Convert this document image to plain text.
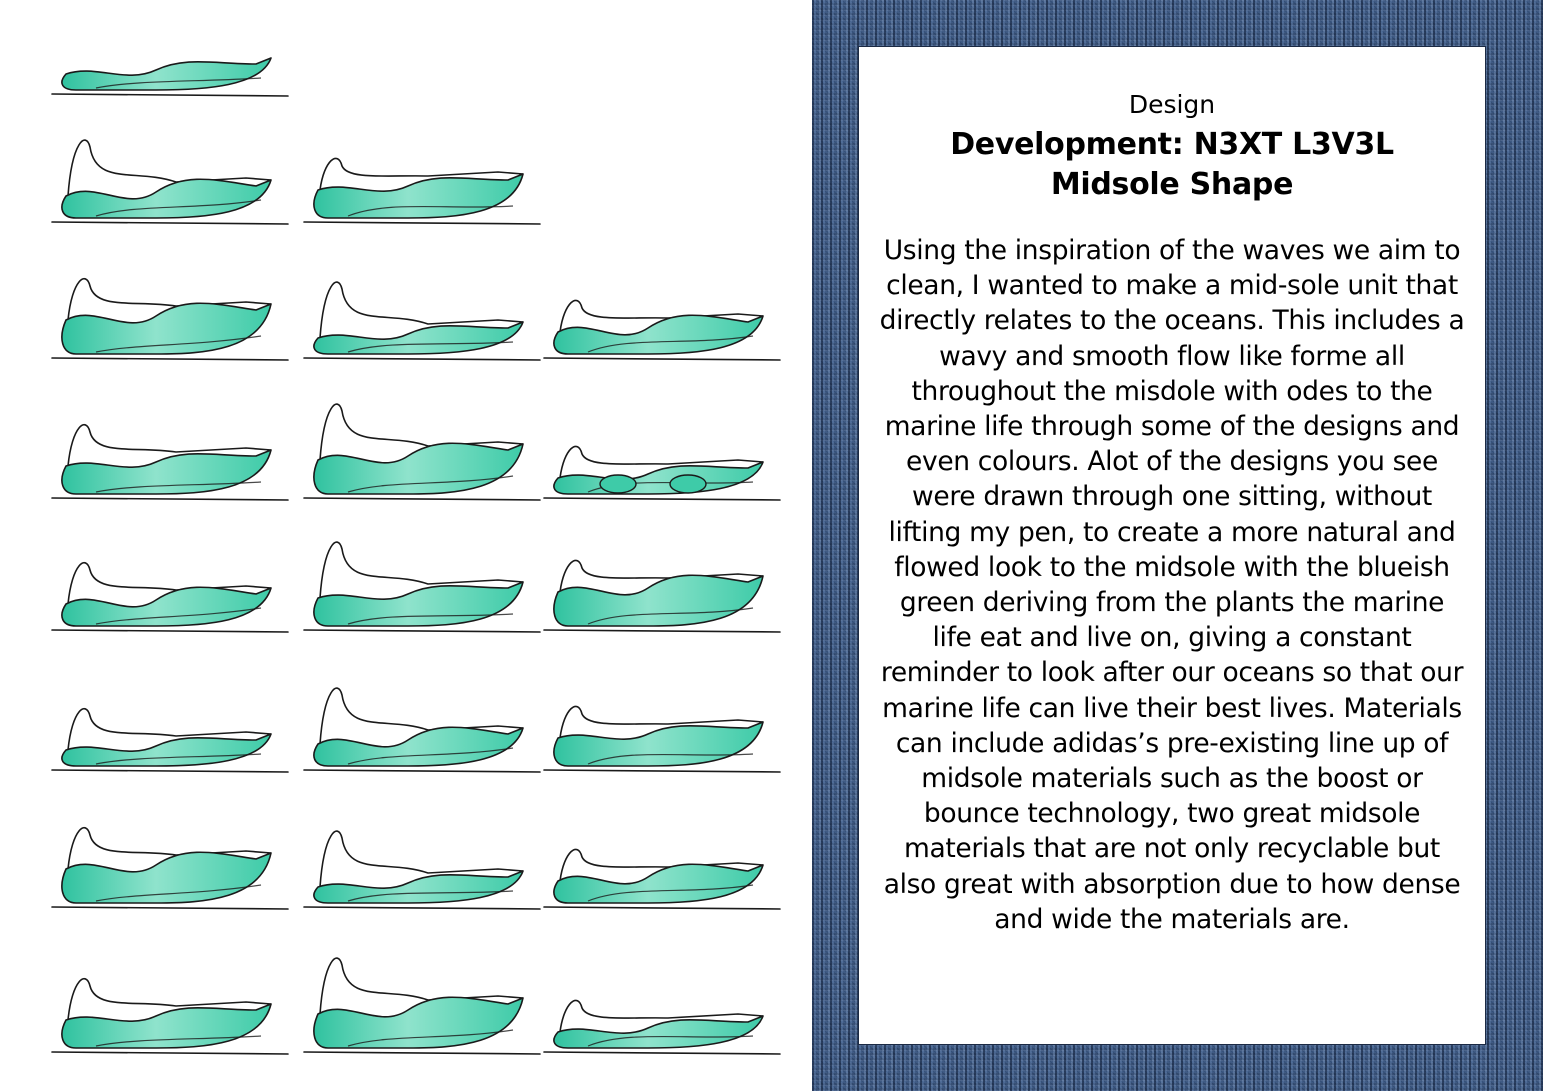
Design
Development: N3XT L3V3L Midsole Shape
Using the inspiration of the waves we aim to clean, I wanted to make a mid-sole unit that directly relates to the oceans. This includes a wavy and smooth flow like forme all throughout the misdole with odes to the marine life through some of the designs and even colours. Alot of the designs you see were drawn through one sitting, without lifting my pen, to create a more natural and flowed look to the midsole with the blueish green deriving from the plants the marine life eat and live on, giving a constant reminder to look after our oceans so that our marine life can live their best lives. Materials can include adidas’s pre-existing line up of midsole materials such as the boost or bounce technology, two great midsole materials that are not only recyclable but also great with absorption due to how dense and wide the materials are.
